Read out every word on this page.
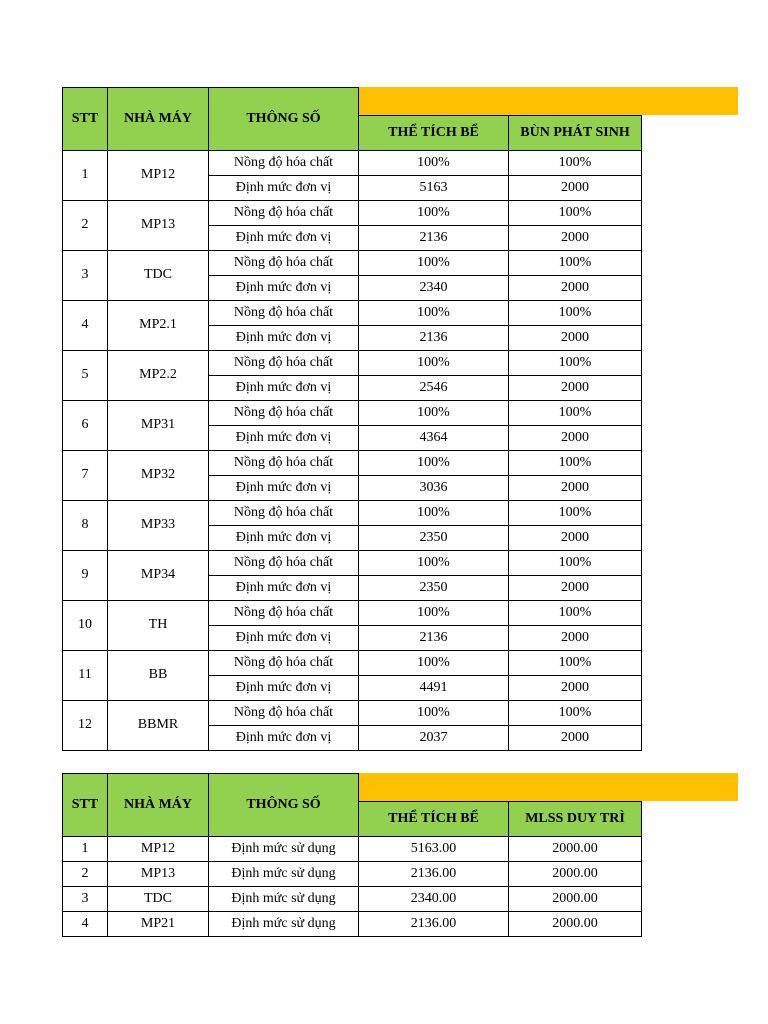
STT	NHÀ MÁY	THÔNG SỐ		
			THỂ TÍCH BỂ	BÙN PHÁT SINH
1	MP12	Nồng độ hóa chất	100%	100%
		Định mức đơn vị	5163	2000
2	MP13	Nồng độ hóa chất	100%	100%
		Định mức đơn vị	2136	2000
3	TDC	Nồng độ hóa chất	100%	100%
		Định mức đơn vị	2340	2000
4	MP2.1	Nồng độ hóa chất	100%	100%
		Định mức đơn vị	2136	2000
5	MP2.2	Nồng độ hóa chất	100%	100%
		Định mức đơn vị	2546	2000
6	MP31	Nồng độ hóa chất	100%	100%
		Định mức đơn vị	4364	2000
7	MP32	Nồng độ hóa chất	100%	100%
		Định mức đơn vị	3036	2000
8	MP33	Nồng độ hóa chất	100%	100%
		Định mức đơn vị	2350	2000
9	MP34	Nồng độ hóa chất	100%	100%
		Định mức đơn vị	2350	2000
10	TH	Nồng độ hóa chất	100%	100%
		Định mức đơn vị	2136	2000
11	BB	Nồng độ hóa chất	100%	100%
		Định mức đơn vị	4491	2000
12	BBMR	Nồng độ hóa chất	100%	100%
		Định mức đơn vị	2037	2000
STT	NHÀ MÁY	THÔNG SỐ		
			THỂ TÍCH BỂ	MLSS DUY TRÌ
1	MP12	Định mức sử dụng	5163.00	2000.00
2	MP13	Định mức sử dụng	2136.00	2000.00
3	TDC	Định mức sử dụng	2340.00	2000.00
4	MP21	Định mức sử dụng	2136.00	2000.00
